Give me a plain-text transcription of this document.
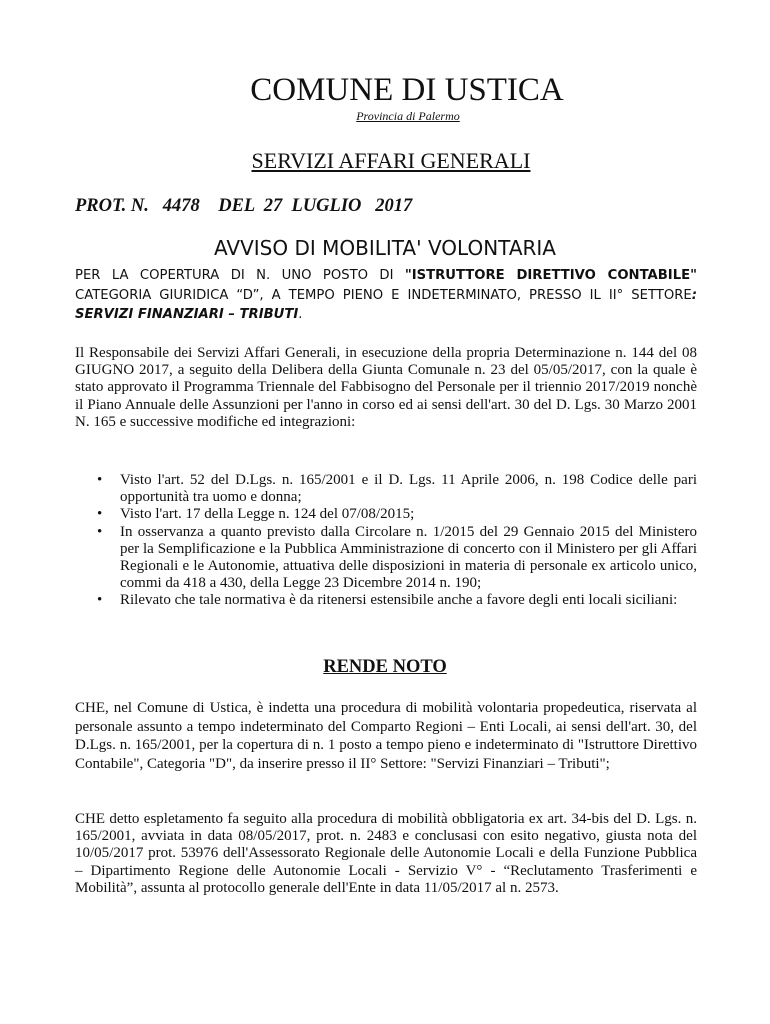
COMUNE DI USTICA
Provincia di Palermo
SERVIZI AFFARI GENERALI
PROT. N.   4478    DEL  27  LUGLIO   2017
AVVISO DI MOBILITA' VOLONTARIA
PER LA COPERTURA DI N. UNO POSTO DI "ISTRUTTORE DIRETTIVO CONTABILE" CATEGORIA GIURIDICA “D”, A TEMPO PIENO E INDETERMINATO, PRESSO IL II° SETTORE: SERVIZI FINANZIARI – TRIBUTI.
Il Responsabile dei Servizi Affari Generali, in esecuzione della propria Determinazione n. 144 del 08 GIUGNO 2017, a seguito della Delibera della Giunta Comunale n. 23 del 05/05/2017, con la quale è stato approvato il Programma Triennale del Fabbisogno del Personale per il triennio 2017/2019 nonchè il Piano Annuale delle Assunzioni per l'anno in corso ed ai sensi dell'art. 30 del D. Lgs. 30 Marzo 2001 N. 165 e successive modifiche ed integrazioni:
• Visto l'art. 52 del D.Lgs. n. 165/2001 e il D. Lgs. 11 Aprile 2006, n. 198 Codice delle pari opportunità tra uomo e donna;
• Visto l'art. 17 della Legge n. 124 del 07/08/2015;
• In osservanza a quanto previsto dalla Circolare n. 1/2015 del 29 Gennaio 2015 del Ministero per la Semplificazione e la Pubblica Amministrazione di concerto con il Ministero per gli Affari Regionali e le Autonomie, attuativa delle disposizioni in materia di personale ex articolo unico, commi da 418 a 430, della Legge 23 Dicembre 2014 n. 190;
• Rilevato che tale normativa è da ritenersi estensibile anche a favore degli enti locali siciliani:
RENDE NOTO
CHE, nel Comune di Ustica, è indetta una procedura di mobilità volontaria propedeutica, riservata al personale assunto a tempo indeterminato del Comparto Regioni – Enti Locali, ai sensi dell'art. 30, del D.Lgs. n. 165/2001, per la copertura di n. 1 posto a tempo pieno e indeterminato di "Istruttore Direttivo Contabile", Categoria "D", da inserire presso il II° Settore: "Servizi Finanziari – Tributi";
CHE detto espletamento fa seguito alla procedura di mobilità obbligatoria ex art. 34-bis del D. Lgs. n. 165/2001, avviata in data 08/05/2017, prot. n. 2483 e conclusasi con esito negativo, giusta nota del 10/05/2017 prot. 53976 dell'Assessorato Regionale delle Autonomie Locali e della Funzione Pubblica – Dipartimento Regione delle Autonomie Locali - Servizio V° - “Reclutamento Trasferimenti e Mobilità”, assunta al protocollo generale dell'Ente in data 11/05/2017 al n. 2573.
